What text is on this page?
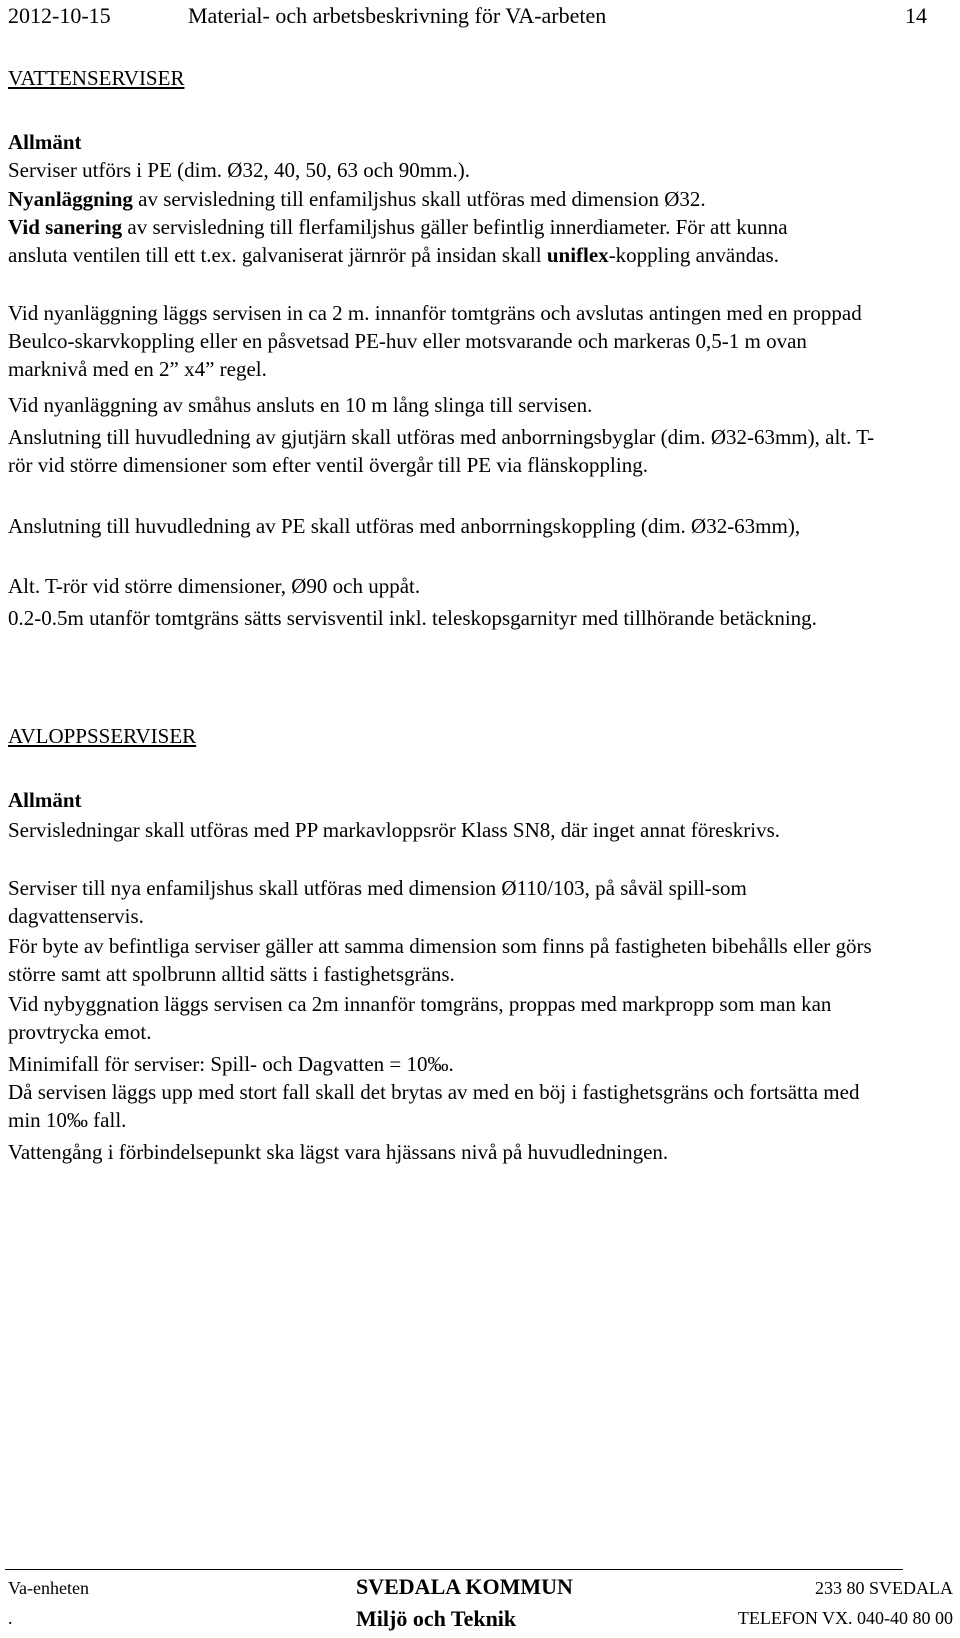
2012-10-15	Material- och arbetsbeskrivning för VA-arbeten	14
VATTENSERVISER
Allmänt
Serviser utförs i PE (dim. Ø32, 40, 50, 63 och 90mm.).
Nyanläggning av servisledning till enfamiljshus skall utföras med dimension Ø32.
Vid sanering av servisledning till flerfamiljshus gäller befintlig innerdiameter. För att kunna ansluta ventilen till ett t.ex. galvaniserat järnrör på insidan skall uniflex-koppling användas.
Vid nyanläggning läggs servisen in ca 2 m. innanför tomtgräns och avslutas antingen med en proppad Beulco-skarvkoppling eller en påsvetsad PE-huv eller motsvarande och markeras 0,5-1 m ovan marknivå med en 2” x4” regel.
Vid nyanläggning av småhus ansluts en 10 m lång slinga till servisen.
Anslutning till huvudledning av gjutjärn skall utföras med anborrningsbyglar (dim. Ø32-63mm), alt. T-rör vid större dimensioner som efter ventil övergår till PE via flänskoppling.
Anslutning till huvudledning av PE skall utföras med anborrningskoppling (dim. Ø32-63mm),
Alt. T-rör vid större dimensioner, Ø90 och uppåt.
0.2-0.5m utanför tomtgräns sätts servisventil inkl. teleskopsgarnityr med tillhörande betäckning.
AVLOPPSSERVISER
Allmänt
Servisledningar skall utföras med PP markavloppsrör Klass SN8, där inget annat föreskrivs.
Serviser till nya enfamiljshus skall utföras med dimension Ø110/103, på såväl spill-som dagvattenservis.
För byte av befintliga serviser gäller att samma dimension som finns på fastigheten bibehålls eller görs större samt att spolbrunn alltid sätts i fastighetsgräns.
Vid nybyggnation läggs servisen ca 2m innanför tomgräns, proppas med markpropp som man kan provtrycka emot.
Minimifall för serviser: Spill- och Dagvatten = 10‰.
Då servisen läggs upp med stort fall skall det brytas av med en böj i fastighetsgräns och fortsätta med min 10‰ fall.
Vattengång i förbindelsepunkt ska lägst vara hjässans nivå på huvudledningen.
Va-enheten
.
SVEDALA KOMMUN
Miljö och Teknik
233 80 SVEDALA
TELEFON VX. 040-40 80 00
